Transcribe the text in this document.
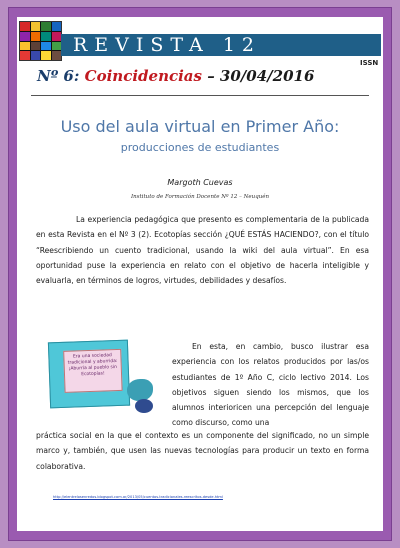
REVISTA 12
ISSN
Nº 6: Coincidencias – 30/04/2016
Uso del aula virtual en Primer Año:
producciones de estudiantes
Margoth Cuevas
Instituto de Formación Docente Nº 12 – Neuquén
La experiencia pedagógica que presento es complementaria de la publicada en esta Revista en el Nº 3 (2). Ecotopías sección ¿QUÉ ESTÁS HACIENDO?, con el título “Reescribiendo un cuento tradicional, usando la wiki del aula virtual”. En esa oportunidad puse la experiencia en relato con el objetivo de hacerla inteligible y evaluarla, en términos de logros, virtudes, debilidades y desafíos.
Era una sociedad tradicional y aburrida: ¡Aburría al pueblo sin Ecotopías!
En esta, en cambio, busco ilustrar esa experiencia con los relatos producidos por las/os estudiantes de 1º Año C, ciclo lectivo 2014. Los objetivos siguen siendo los mismos, que los alumnos interioricen una percepción del lenguaje como discurso, como una
práctica social en la que el contexto es un componente del significado, no un simple marco y, también, que usen las nuevas tecnologías para producir un texto en forma colaborativa.
http://elentrelosenredos.blogspot.com.ar/2013/05/cuentos-tradicionales-reescritos-desde.html
